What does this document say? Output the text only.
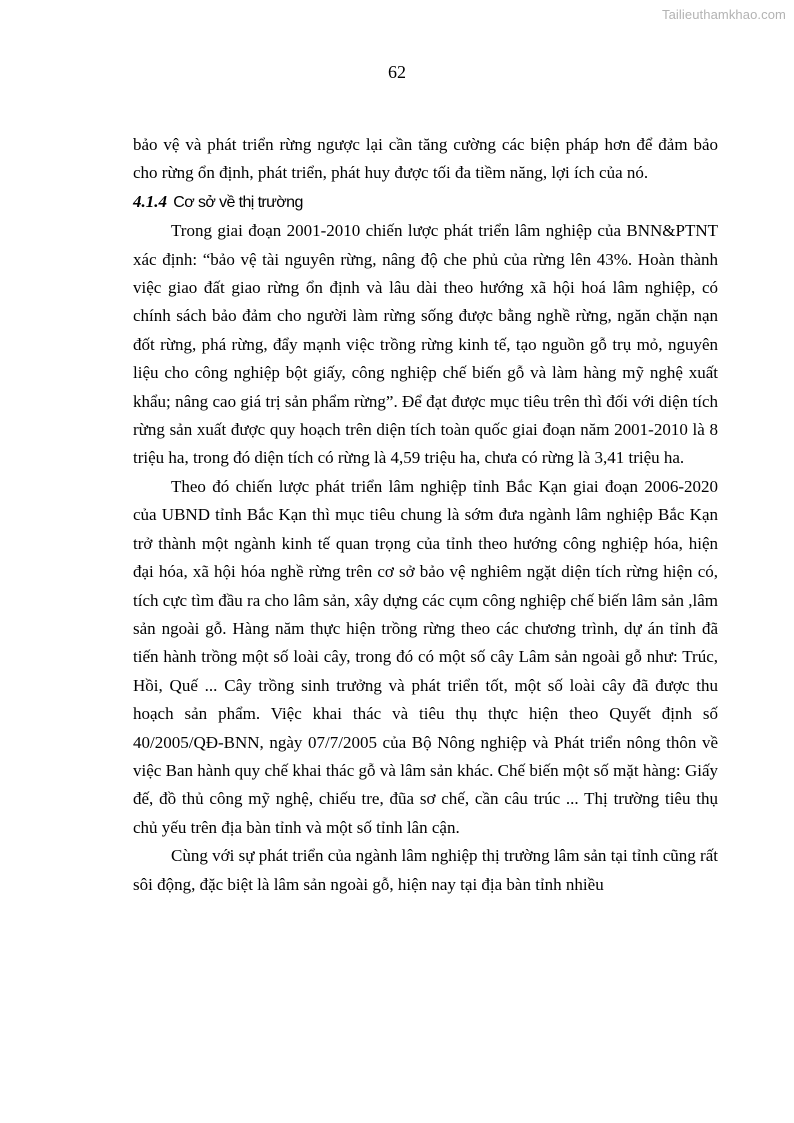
Tailieuthamkhao.com
62

bảo vệ và phát triển rừng ngược lại cần tăng cường các biện pháp hơn để đảm bảo cho rừng ổn định, phát triển, phát huy được tối đa tiềm năng, lợi ích của nó.

4.1.4 Cơ sở về thị trường

Trong giai đoạn 2001-2010 chiến lược phát triển lâm nghiệp của BNN&PTNT xác định: “bảo vệ tài nguyên rừng, nâng độ che phủ của rừng lên 43%. Hoàn thành việc giao đất giao rừng ổn định và lâu dài theo hướng xã hội hoá lâm nghiệp, có chính sách bảo đảm cho người làm rừng sống được bằng nghề rừng, ngăn chặn nạn đốt rừng, phá rừng, đẩy mạnh việc trồng rừng kinh tế, tạo nguồn gỗ trụ mỏ, nguyên liệu cho công nghiệp bột giấy, công nghiệp chế biến gỗ và làm hàng mỹ nghệ xuất khẩu; nâng cao giá trị sản phẩm rừng”. Để đạt được mục tiêu trên thì đối với diện tích rừng sản xuất được quy hoạch trên diện tích toàn quốc giai đoạn năm 2001-2010 là 8 triệu ha, trong đó diện tích có rừng là 4,59 triệu ha, chưa có rừng là 3,41 triệu ha.

Theo đó chiến lược phát triển lâm nghiệp tỉnh Bắc Kạn giai đoạn 2006-2020 của UBND tỉnh Bắc Kạn thì mục tiêu chung là sớm đưa ngành lâm nghiệp Bắc Kạn trở thành một ngành kinh tế quan trọng của tỉnh theo hướng công nghiệp hóa, hiện đại hóa, xã hội hóa nghề rừng trên cơ sở bảo vệ nghiêm ngặt diện tích rừng hiện có, tích cực tìm đầu ra cho lâm sản, xây dựng các cụm công nghiệp chế biến lâm sản ,lâm sản ngoài gỗ. Hàng năm thực hiện trồng rừng theo các chương trình, dự án tỉnh đã tiến hành trồng một số loài cây, trong đó có một số cây Lâm sản ngoài gỗ như: Trúc, Hồi, Quế ... Cây trồng sinh trưởng và phát triển tốt, một số loài cây đã được thu hoạch sản phẩm. Việc khai thác và tiêu thụ thực hiện theo Quyết định số 40/2005/QĐ-BNN, ngày 07/7/2005 của Bộ Nông nghiệp và Phát triển nông thôn về việc Ban hành quy chế khai thác gỗ và lâm sản khác. Chế biến một số mặt hàng: Giấy đế, đồ thủ công mỹ nghệ, chiếu tre, đũa sơ chế, cần câu trúc ... Thị trường tiêu thụ chủ yếu trên địa bàn tỉnh và một số tỉnh lân cận.

Cùng với sự phát triển của ngành lâm nghiệp thị trường lâm sản tại tỉnh cũng rất sôi động, đặc biệt là lâm sản ngoài gỗ, hiện nay tại địa bàn tỉnh nhiều
